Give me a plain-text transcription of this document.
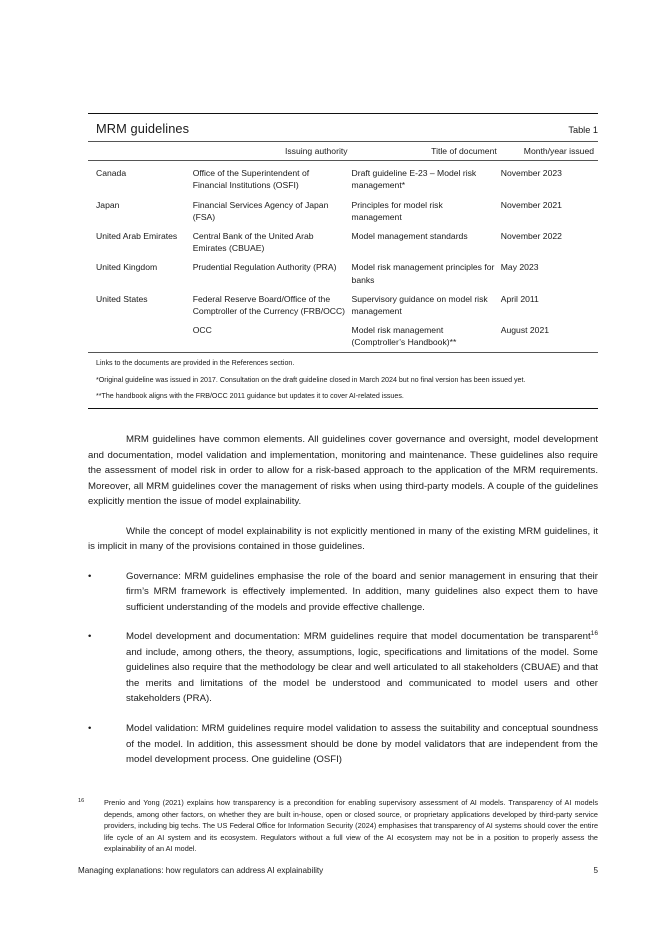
MRM guidelines	Table 1
	Issuing authority	Title of document	Month/year issued
Canada	Office of the Superintendent of Financial Institutions (OSFI)	Draft guideline E-23 – Model risk management*	November 2023
Japan	Financial Services Agency of Japan (FSA)	Principles for model risk management	November 2021
United Arab Emirates	Central Bank of the United Arab Emirates (CBUAE)	Model management standards	November 2022
United Kingdom	Prudential Regulation Authority (PRA)	Model risk management principles for banks	May 2023
United States	Federal Reserve Board/Office of the Comptroller of the Currency (FRB/OCC)	Supervisory guidance on model risk management	April 2011
	OCC	Model risk management (Comptroller’s Handbook)**	August 2021

Links to the documents are provided in the References section.

*Original guideline was issued in 2017. Consultation on the draft guideline closed in March 2024 but no final version has been issued yet.

**The handbook aligns with the FRB/OCC 2011 guidance but updates it to cover AI-related issues.

MRM guidelines have common elements. All guidelines cover governance and oversight, model development and documentation, model validation and implementation, monitoring and maintenance. These guidelines also require the assessment of model risk in order to allow for a risk-based approach to the application of the MRM requirements. Moreover, all MRM guidelines cover the management of risks when using third-party models. A couple of the guidelines explicitly mention the issue of model explainability.

While the concept of model explainability is not explicitly mentioned in many of the existing MRM guidelines, it is implicit in many of the provisions contained in those guidelines.

•	Governance: MRM guidelines emphasise the role of the board and senior management in ensuring that their firm’s MRM framework is effectively implemented. In addition, many guidelines also expect them to have sufficient understanding of the models and provide effective challenge.
•	Model development and documentation: MRM guidelines require that model documentation be transparent$^{16}$ and include, among others, the theory, assumptions, logic, specifications and limitations of the model. Some guidelines also require that the methodology be clear and well articulated to all stakeholders (CBUAE) and that the merits and limitations of the model be understood and communicated to model users and other stakeholders (PRA).
•	Model validation: MRM guidelines require model validation to assess the suitability and conceptual soundness of the model. In addition, this assessment should be done by model validators that are independent from the model development process. One guideline (OSFI)
16	Prenio and Yong (2021) explains how transparency is a precondition for enabling supervisory assessment of AI models. Transparency of AI models depends, among other factors, on whether they are built in-house, open or closed source, or proprietary applications developed by third-party service providers, including big techs. The US Federal Office for Information Security (2024) emphasises that transparency of AI systems should cover the entire life cycle of an AI system and its ecosystem. Regulators without a full view of the AI ecosystem may not be in a position to properly assess the explainability of an AI model.
Managing explanations: how regulators can address AI explainability	5
